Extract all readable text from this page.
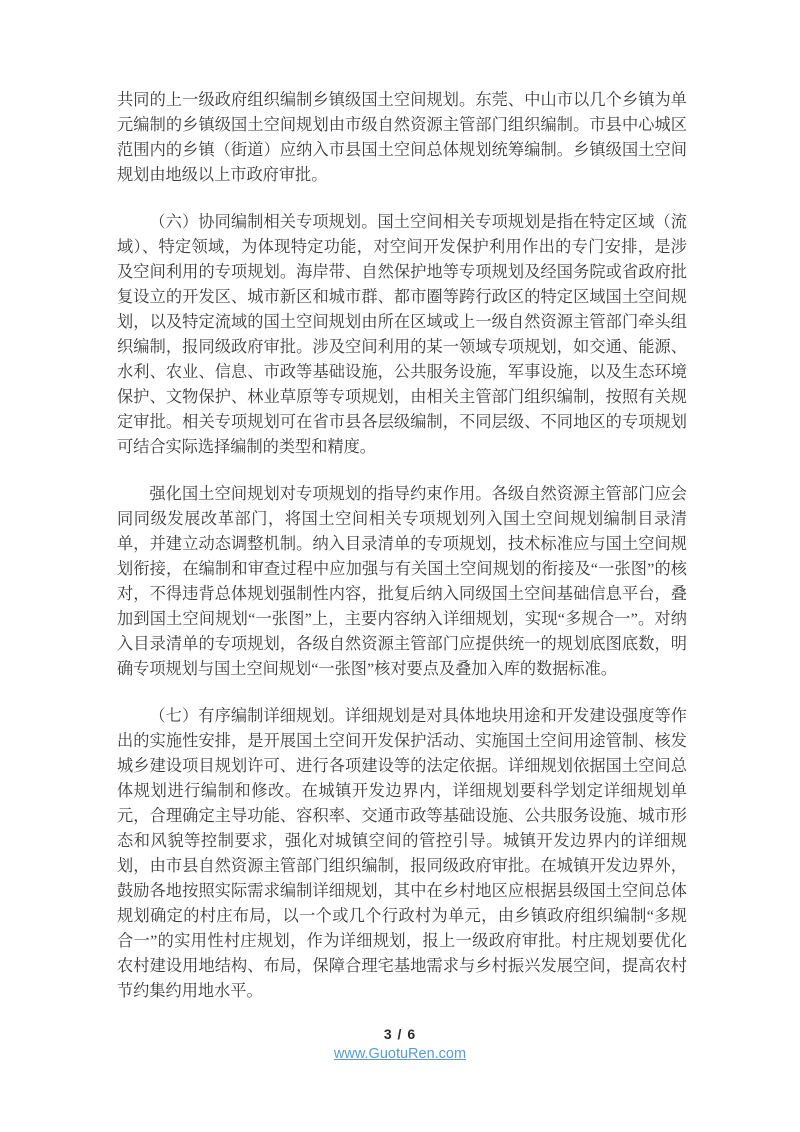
共同的上一级政府组织编制乡镇级国土空间规划。东莞、中山市以几个乡镇为单元编制的乡镇级国土空间规划由市级自然资源主管部门组织编制。市县中心城区范围内的乡镇（街道）应纳入市县国土空间总体规划统筹编制。乡镇级国土空间规划由地级以上市政府审批。

（六）协同编制相关专项规划。国土空间相关专项规划是指在特定区域（流域）、特定领域，为体现特定功能，对空间开发保护利用作出的专门安排，是涉及空间利用的专项规划。海岸带、自然保护地等专项规划及经国务院或省政府批复设立的开发区、城市新区和城市群、都市圈等跨行政区的特定区域国土空间规划，以及特定流域的国土空间规划由所在区域或上一级自然资源主管部门牵头组织编制，报同级政府审批。涉及空间利用的某一领域专项规划，如交通、能源、水利、农业、信息、市政等基础设施，公共服务设施，军事设施，以及生态环境保护、文物保护、林业草原等专项规划，由相关主管部门组织编制，按照有关规定审批。相关专项规划可在省市县各层级编制，不同层级、不同地区的专项规划可结合实际选择编制的类型和精度。

强化国土空间规划对专项规划的指导约束作用。各级自然资源主管部门应会同同级发展改革部门，将国土空间相关专项规划列入国土空间规划编制目录清单，并建立动态调整机制。纳入目录清单的专项规划，技术标准应与国土空间规划衔接，在编制和审查过程中应加强与有关国土空间规划的衔接及“一张图”的核对，不得违背总体规划强制性内容，批复后纳入同级国土空间基础信息平台，叠加到国土空间规划“一张图”上，主要内容纳入详细规划，实现“多规合一”。对纳入目录清单的专项规划，各级自然资源主管部门应提供统一的规划底图底数，明确专项规划与国土空间规划“一张图”核对要点及叠加入库的数据标准。

（七）有序编制详细规划。详细规划是对具体地块用途和开发建设强度等作出的实施性安排，是开展国土空间开发保护活动、实施国土空间用途管制、核发城乡建设项目规划许可、进行各项建设等的法定依据。详细规划依据国土空间总体规划进行编制和修改。在城镇开发边界内，详细规划要科学划定详细规划单元，合理确定主导功能、容积率、交通市政等基础设施、公共服务设施、城市形态和风貌等控制要求，强化对城镇空间的管控引导。城镇开发边界内的详细规划，由市县自然资源主管部门组织编制，报同级政府审批。在城镇开发边界外，鼓励各地按照实际需求编制详细规划，其中在乡村地区应根据县级国土空间总体规划确定的村庄布局，以一个或几个行政村为单元，由乡镇政府组织编制“多规合一”的实用性村庄规划，作为详细规划，报上一级政府审批。村庄规划要优化农村建设用地结构、布局，保障合理宅基地需求与乡村振兴发展空间，提高农村节约集约用地水平。

3 / 6
www.GuotuRen.com
